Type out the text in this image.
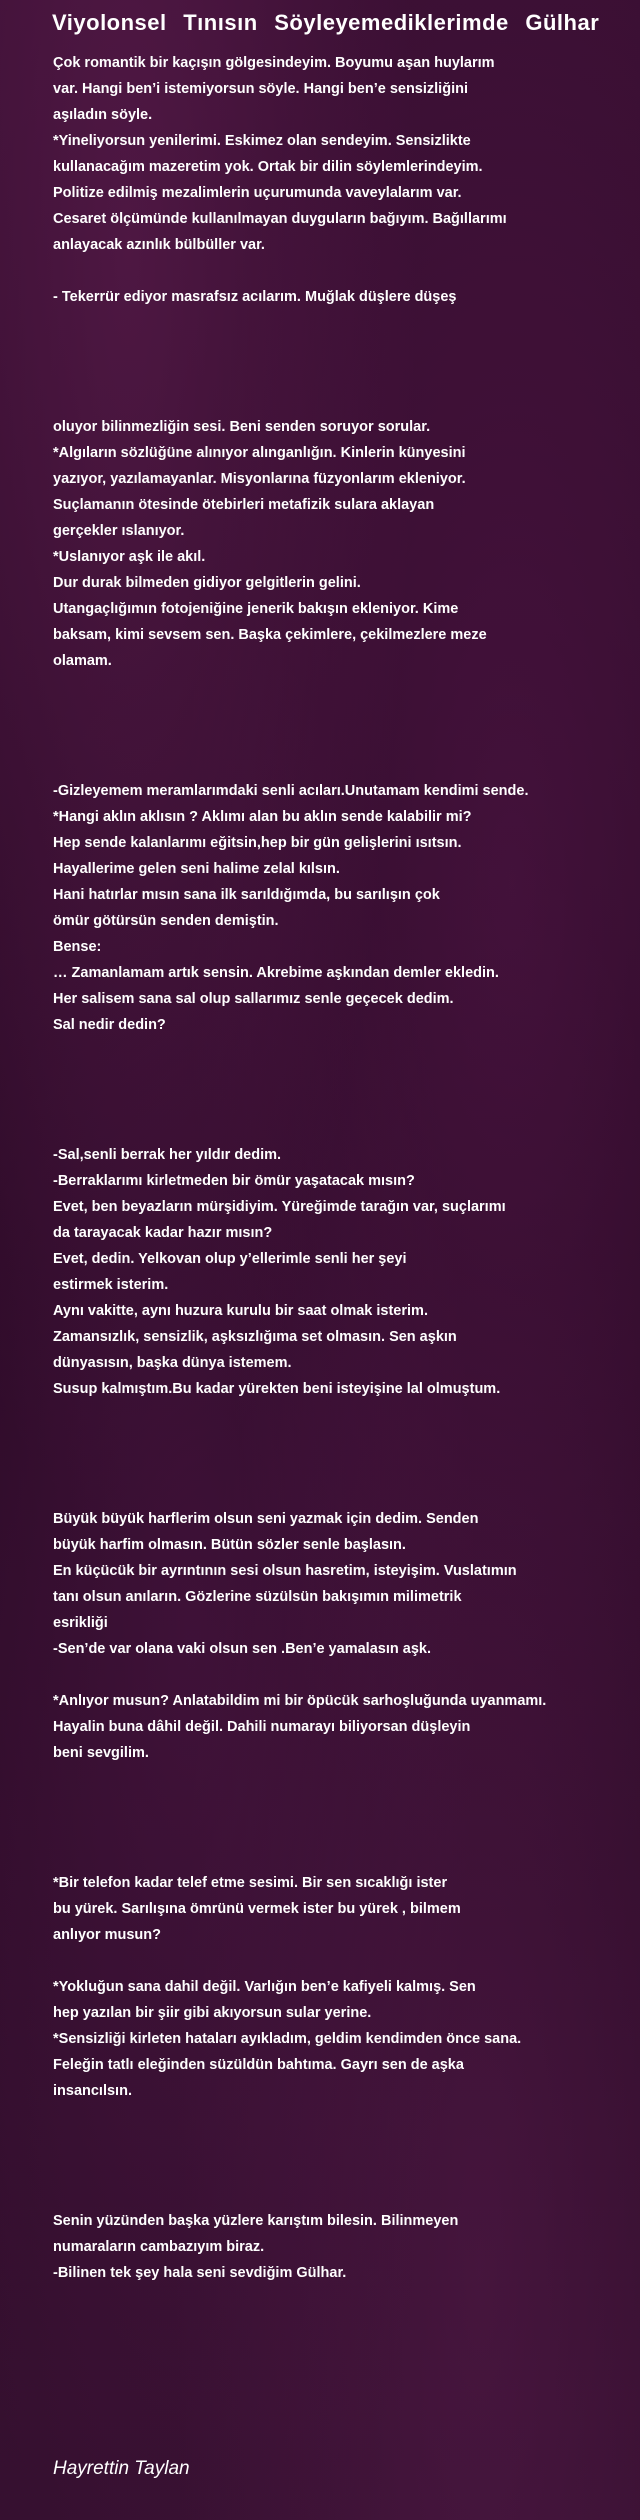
Viyolonsel Tınısın Söyleyemediklerimde Gülhar
Çok romantik bir kaçışın gölgesindeyim. Boyumu aşan huylarım
var. Hangi ben’i istemiyorsun söyle. Hangi ben’e sensizliğini
aşıladın söyle.
*Yineliyorsun yenilerimi. Eskimez olan sendeyim. Sensizlikte
kullanacağım mazeretim yok. Ortak bir dilin söylemlerindeyim.
Politize edilmiş mezalimlerin uçurumunda vaveylalarım var.
Cesaret ölçümünde kullanılmayan duyguların bağıyım. Bağıllarımı
anlayacak azınlık bülbüller var.
- Tekerrür ediyor masrafsız acılarım. Muğlak düşlere düşeş
oluyor bilinmezliğin sesi. Beni senden soruyor sorular.
*Algıların sözlüğüne alınıyor alınganlığın. Kinlerin künyesini
yazıyor, yazılamayanlar. Misyonlarına füzyonlarım ekleniyor.
Suçlamanın ötesinde ötebirleri metafizik sulara aklayan
gerçekler ıslanıyor.
*Uslanıyor aşk ile akıl.
Dur durak bilmeden gidiyor gelgitlerin gelini.
Utangaçlığımın fotojeniğine jenerik bakışın ekleniyor. Kime
baksam, kimi sevsem sen. Başka çekimlere, çekilmezlere meze
olamam.
-Gizleyemem meramlarımdaki senli acıları.Unutamam kendimi sende.
*Hangi aklın aklısın ? Aklımı alan bu aklın sende kalabilir mi?
Hep sende kalanlarımı eğitsin,hep bir gün gelişlerini ısıtsın.
Hayallerime gelen seni halime zelal kılsın.
Hani hatırlar mısın sana ilk sarıldığımda, bu sarılışın çok
ömür götürsün senden demiştin.
Bense:
… Zamanlamam artık sensin. Akrebime aşkından demler ekledin.
Her salisem sana sal olup sallarımız senle geçecek dedim.
Sal nedir dedin?
-Sal,senli berrak her yıldır dedim.
-Berraklarımı kirletmeden bir ömür yaşatacak mısın?
Evet, ben beyazların mürşidiyim. Yüreğimde tarağın var, suçlarımı
da tarayacak kadar hazır mısın?
Evet, dedin. Yelkovan olup y’ellerimle senli her şeyi
estirmek isterim.
Aynı vakitte, aynı huzura kurulu bir saat olmak isterim.
Zamansızlık, sensizlik, aşksızlığıma set olmasın. Sen aşkın
dünyasısın, başka dünya istemem.
Susup kalmıştım.Bu kadar yürekten beni isteyişine lal olmuştum.
Büyük büyük harflerim olsun seni yazmak için dedim. Senden
büyük harfim olmasın. Bütün sözler senle başlasın.
En küçücük bir ayrıntının sesi olsun hasretim, isteyişim. Vuslatımın
tanı olsun anıların. Gözlerine süzülsün bakışımın milimetrik
esrikliği
-Sen’de var olana vaki olsun sen .Ben’e yamalasın aşk.
*Anlıyor musun? Anlatabildim mi bir öpücük sarhoşluğunda uyanmamı.
Hayalin buna dâhil değil. Dahili numarayı biliyorsan düşleyin
beni sevgilim.
*Bir telefon kadar telef etme sesimi. Bir sen sıcaklığı ister
bu yürek. Sarılışına ömrünü vermek ister bu yürek , bilmem
anlıyor musun?
*Yokluğun sana dahil değil. Varlığın ben’e kafiyeli kalmış. Sen
hep yazılan bir şiir gibi akıyorsun sular yerine.
*Sensizliği kirleten hataları ayıkladım, geldim kendimden önce sana.
Feleğin tatlı eleğinden süzüldün bahtıma. Gayrı sen de aşka
insancılsın.
Senin yüzünden başka yüzlere karıştım bilesin. Bilinmeyen
numaraların cambazıyım biraz.
-Bilinen tek şey hala seni sevdiğim Gülhar.
Hayrettin Taylan
